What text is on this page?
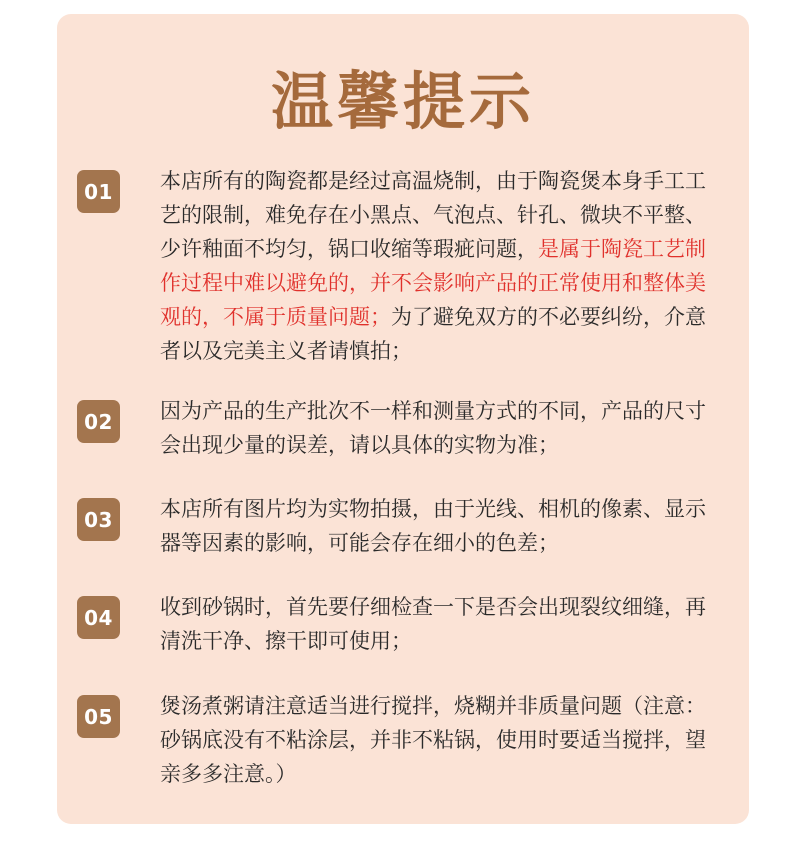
温馨提示
01	本店所有的陶瓷都是经过高温烧制，由于陶瓷煲本身手工工艺的限制，难免存在小黑点、气泡点、针孔、微块不平整、少许釉面不均匀，锅口收缩等瑕疵问题，是属于陶瓷工艺制作过程中难以避免的，并不会影响产品的正常使用和整体美观的，不属于质量问题；为了避免双方的不必要纠纷，介意者以及完美主义者请慎拍；
02	因为产品的生产批次不一样和测量方式的不同，产品的尺寸会出现少量的误差，请以具体的实物为准；
03	本店所有图片均为实物拍摄，由于光线、相机的像素、显示器等因素的影响，可能会存在细小的色差；
04	收到砂锅时，首先要仔细检查一下是否会出现裂纹细缝，再清洗干净、擦干即可使用；
05	煲汤煮粥请注意适当进行搅拌，烧糊并非质量问题（注意：砂锅底没有不粘涂层，并非不粘锅，使用时要适当搅拌，望亲多多注意。）
